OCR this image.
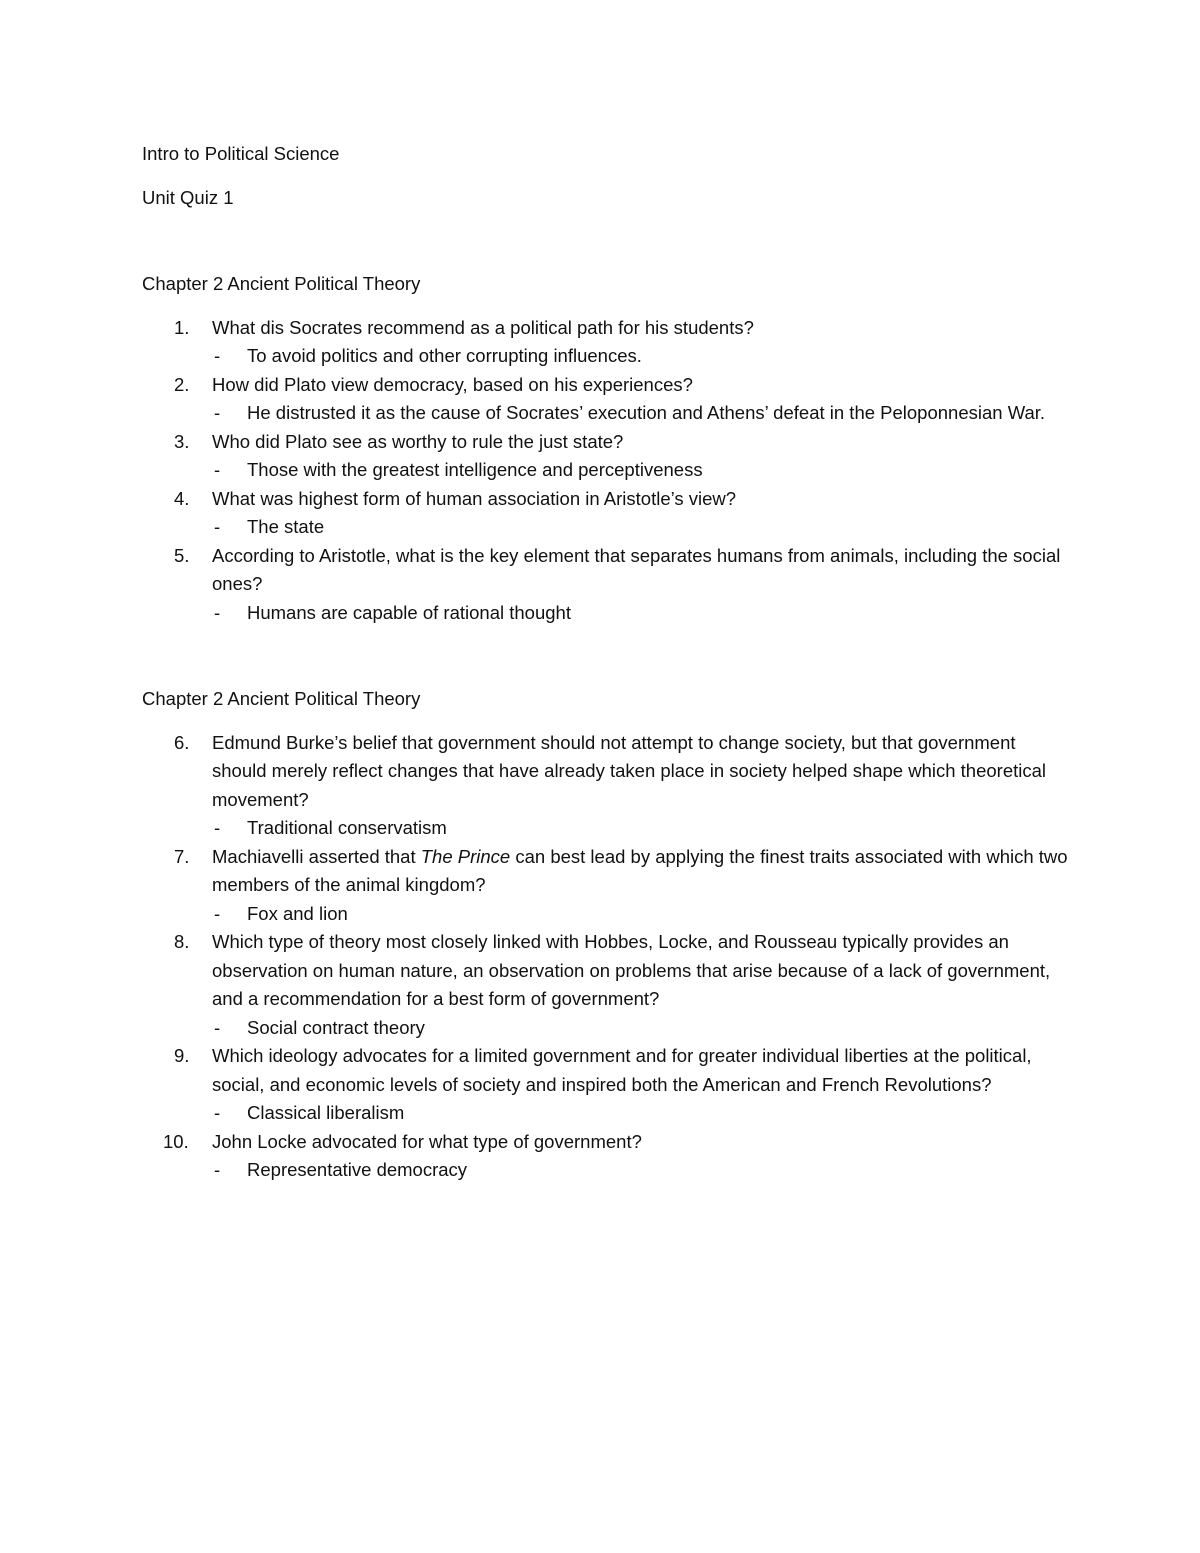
Intro to Political Science

Unit Quiz 1

Chapter 2 Ancient Political Theory

1.	What dis Socrates recommend as a political path for his students?
- To avoid politics and other corrupting influences.
2.	How did Plato view democracy, based on his experiences?
- He distrusted it as the cause of Socrates’ execution and Athens’ defeat in the Peloponnesian War.
3.	Who did Plato see as worthy to rule the just state?
- Those with the greatest intelligence and perceptiveness
4.	What was highest form of human association in Aristotle’s view?
- The state
5.	According to Aristotle, what is the key element that separates humans from animals, including the social ones?
- Humans are capable of rational thought

Chapter 2 Ancient Political Theory

6.	Edmund Burke’s belief that government should not attempt to change society, but that government should merely reflect changes that have already taken place in society helped shape which theoretical movement?
- Traditional conservatism
7.	Machiavelli asserted that The Prince can best lead by applying the finest traits associated with which two members of the animal kingdom?
- Fox and lion
8.	Which type of theory most closely linked with Hobbes, Locke, and Rousseau typically provides an observation on human nature, an observation on problems that arise because of a lack of government, and a recommendation for a best form of government?
- Social contract theory
9.	Which ideology advocates for a limited government and for greater individual liberties at the political, social, and economic levels of society and inspired both the American and French Revolutions?
- Classical liberalism
10.	John Locke advocated for what type of government?
- Representative democracy
